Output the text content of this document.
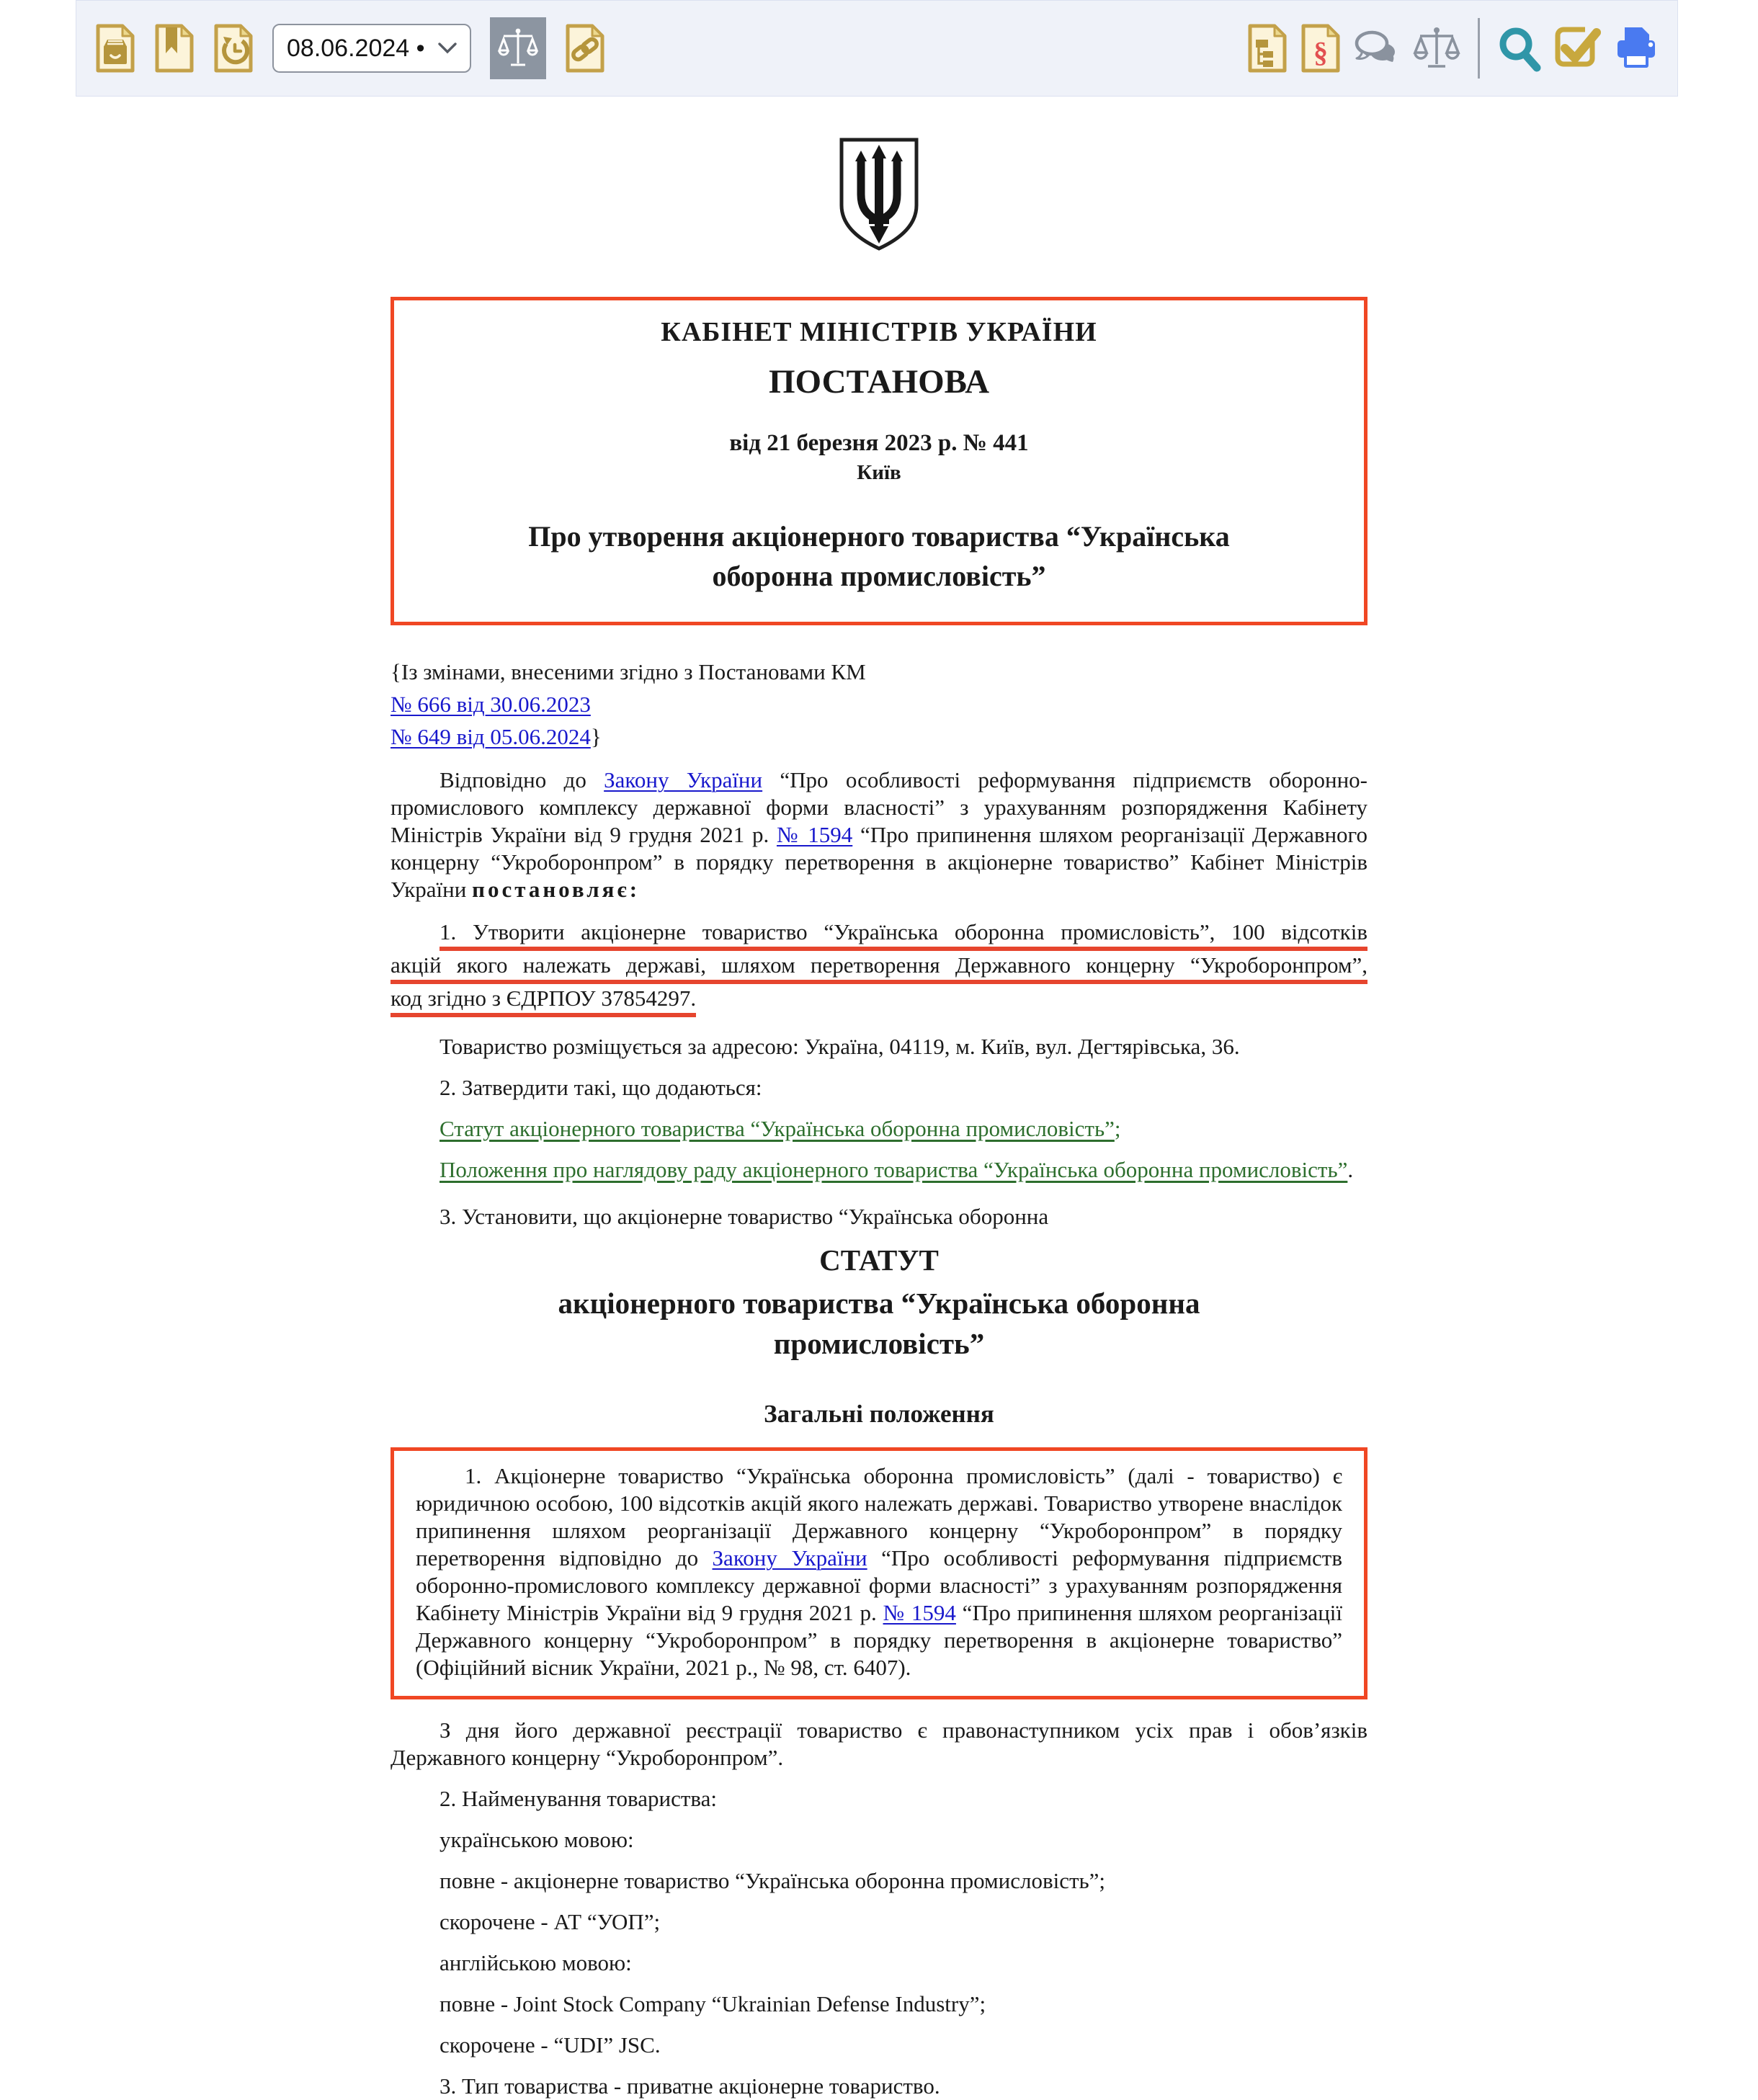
08.06.2024 •	§
КАБІНЕТ МІНІСТРІВ УКРАЇНИ
ПОСТАНОВА
від 21 березня 2023 р. № 441
Київ
Про утворення акціонерного товариства “Українська оборонна промисловість”
{Із змінами, внесеними згідно з Постановами КМ
№ 666 від 30.06.2023
№ 649 від 05.06.2024}

Відповідно до Закону України “Про особливості реформування підприємств оборонно-промислового комплексу державної форми власності” з урахуванням розпорядження Кабінету Міністрів України від 9 грудня 2021 р. № 1594 “Про припинення шляхом реорганізації Державного концерну “Укроборонпром” в порядку перетворення в акціонерне товариство” Кабінет Міністрів України постановляє:

1. Утворити акціонерне товариство “Українська оборонна промисловість”, 100 відсотків
акцій якого належать державі, шляхом перетворення Державного концерну “Укроборонпром”,
код згідно з ЄДРПОУ 37854297.

Товариство розміщується за адресою: Україна, 04119, м. Київ, вул. Дегтярівська, 36.

2. Затвердити такі, що додаються:

Статут акціонерного товариства “Українська оборонна промисловість”;

Положення про наглядову раду акціонерного товариства “Українська оборонна промисловість”.

3. Установити, що акціонерне товариство “Українська оборонна

СТАТУТ
акціонерного товариства “Українська оборонна промисловість”
Загальні положення

1. Акціонерне товариство “Українська оборонна промисловість” (далі - товариство) є юридичною особою, 100 відсотків акцій якого належать державі. Товариство утворене внаслідок припинення шляхом реорганізації Державного концерну “Укроборонпром” в порядку перетворення відповідно до Закону України “Про особливості реформування підприємств оборонно-промислового комплексу державної форми власності” з урахуванням розпорядження Кабінету Міністрів України від 9 грудня 2021 р. № 1594 “Про припинення шляхом реорганізації Державного концерну “Укроборонпром” в порядку перетворення в акціонерне товариство” (Офіційний вісник України, 2021 р., № 98, ст. 6407).

З дня його державної реєстрації товариство є правонаступником усіх прав і обов’язків Державного концерну “Укроборонпром”.

2. Найменування товариства:

українською мовою:

повне - акціонерне товариство “Українська оборонна промисловість”;

скорочене - АТ “УОП”;

англійською мовою:

повне - Joint Stock Company “Ukrainian Defense Industry”;

скорочене - “UDI” JSC.

3. Тип товариства - приватне акціонерне товариство.
